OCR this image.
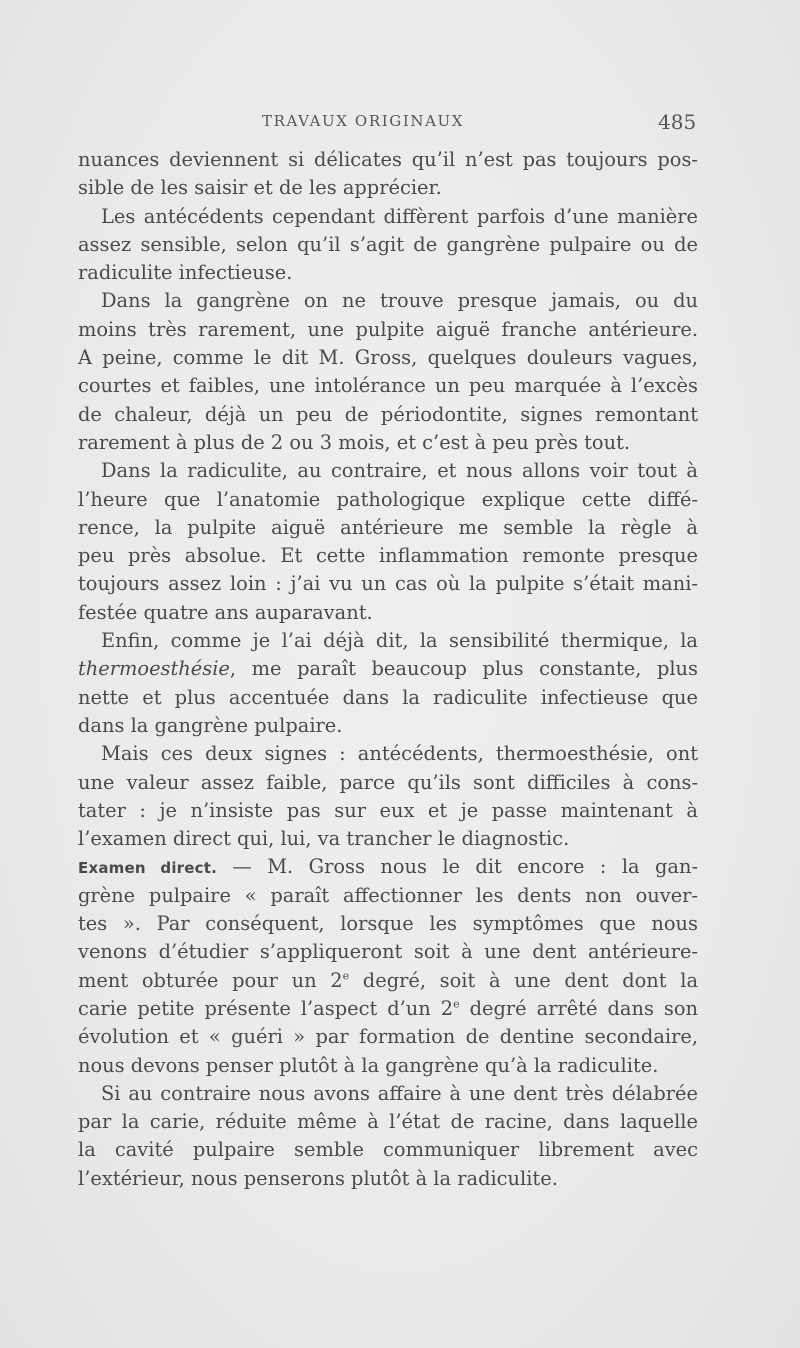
TRAVAUX ORIGINAUX	485
nuances deviennent si délicates qu’il n’est pas toujours pos-
sible de les saisir et de les apprécier.
Les antécédents cependant diffèrent parfois d’une manière
assez sensible, selon qu’il s’agit de gangrène pulpaire ou de
radiculite infectieuse.
Dans la gangrène on ne trouve presque jamais, ou du
moins très rarement, une pulpite aiguë franche antérieure.
A peine, comme le dit M. Gross, quelques douleurs vagues,
courtes et faibles, une intolérance un peu marquée à l’excès
de chaleur, déjà un peu de périodontite, signes remontant
rarement à plus de 2 ou 3 mois, et c’est à peu près tout.
Dans la radiculite, au contraire, et nous allons voir tout à
l’heure que l’anatomie pathologique explique cette diffé-
rence, la pulpite aiguë antérieure me semble la règle à
peu près absolue. Et cette inflammation remonte presque
toujours assez loin : j’ai vu un cas où la pulpite s’était mani-
festée quatre ans auparavant.
Enfin, comme je l’ai déjà dit, la sensibilité thermique, la
thermoesthésie, me paraît beaucoup plus constante, plus
nette et plus accentuée dans la radiculite infectieuse que
dans la gangrène pulpaire.
Mais ces deux signes : antécédents, thermoesthésie, ont
une valeur assez faible, parce qu’ils sont difficiles à cons-
tater : je n’insiste pas sur eux et je passe maintenant à
l’examen direct qui, lui, va trancher le diagnostic.
Examen direct. — M. Gross nous le dit encore : la gan-
grène pulpaire « paraît affectionner les dents non ouver-
tes ». Par conséquent, lorsque les symptômes que nous
venons d’étudier s’appliqueront soit à une dent antérieure-
ment obturée pour un 2e degré, soit à une dent dont la
carie petite présente l’aspect d’un 2e degré arrêté dans son
évolution et « guéri » par formation de dentine secondaire,
nous devons penser plutôt à la gangrène qu’à la radiculite.
Si au contraire nous avons affaire à une dent très délabrée
par la carie, réduite même à l’état de racine, dans laquelle
la cavité pulpaire semble communiquer librement avec
l’extérieur, nous penserons plutôt à la radiculite.
